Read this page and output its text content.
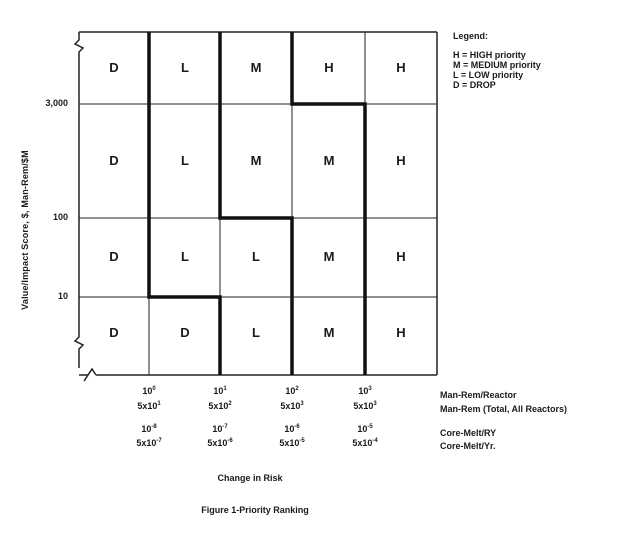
3,000
100
10
Value/Impact Score, $, Man-Rem/$M
D	L	M	H	H
D	L	M	M	H
D	L	L	M	H
D	D	L	M	H
Legend:
H = HIGH priority
M = MEDIUM priority
L = LOW priority
D = DROP
$10^0$	$10^1$	$10^2$	$10^3$
Man-Rem/Reactor
$5x10^1$	$5x10^2$	$5x10^3$	$5x10^3$	Man-Rem (Total, All Reactors)
$10^{-8}$	$10^{-7}$	$10^{-6}$	$10^{-5}$
Core-Melt/RY
$5x10^{-7}$	$5x10^{-6}$	$5x10^{-5}$	$5x10^{-4}$	Core-Melt/Yr.
Change in Risk
Figure 1-Priority Ranking
